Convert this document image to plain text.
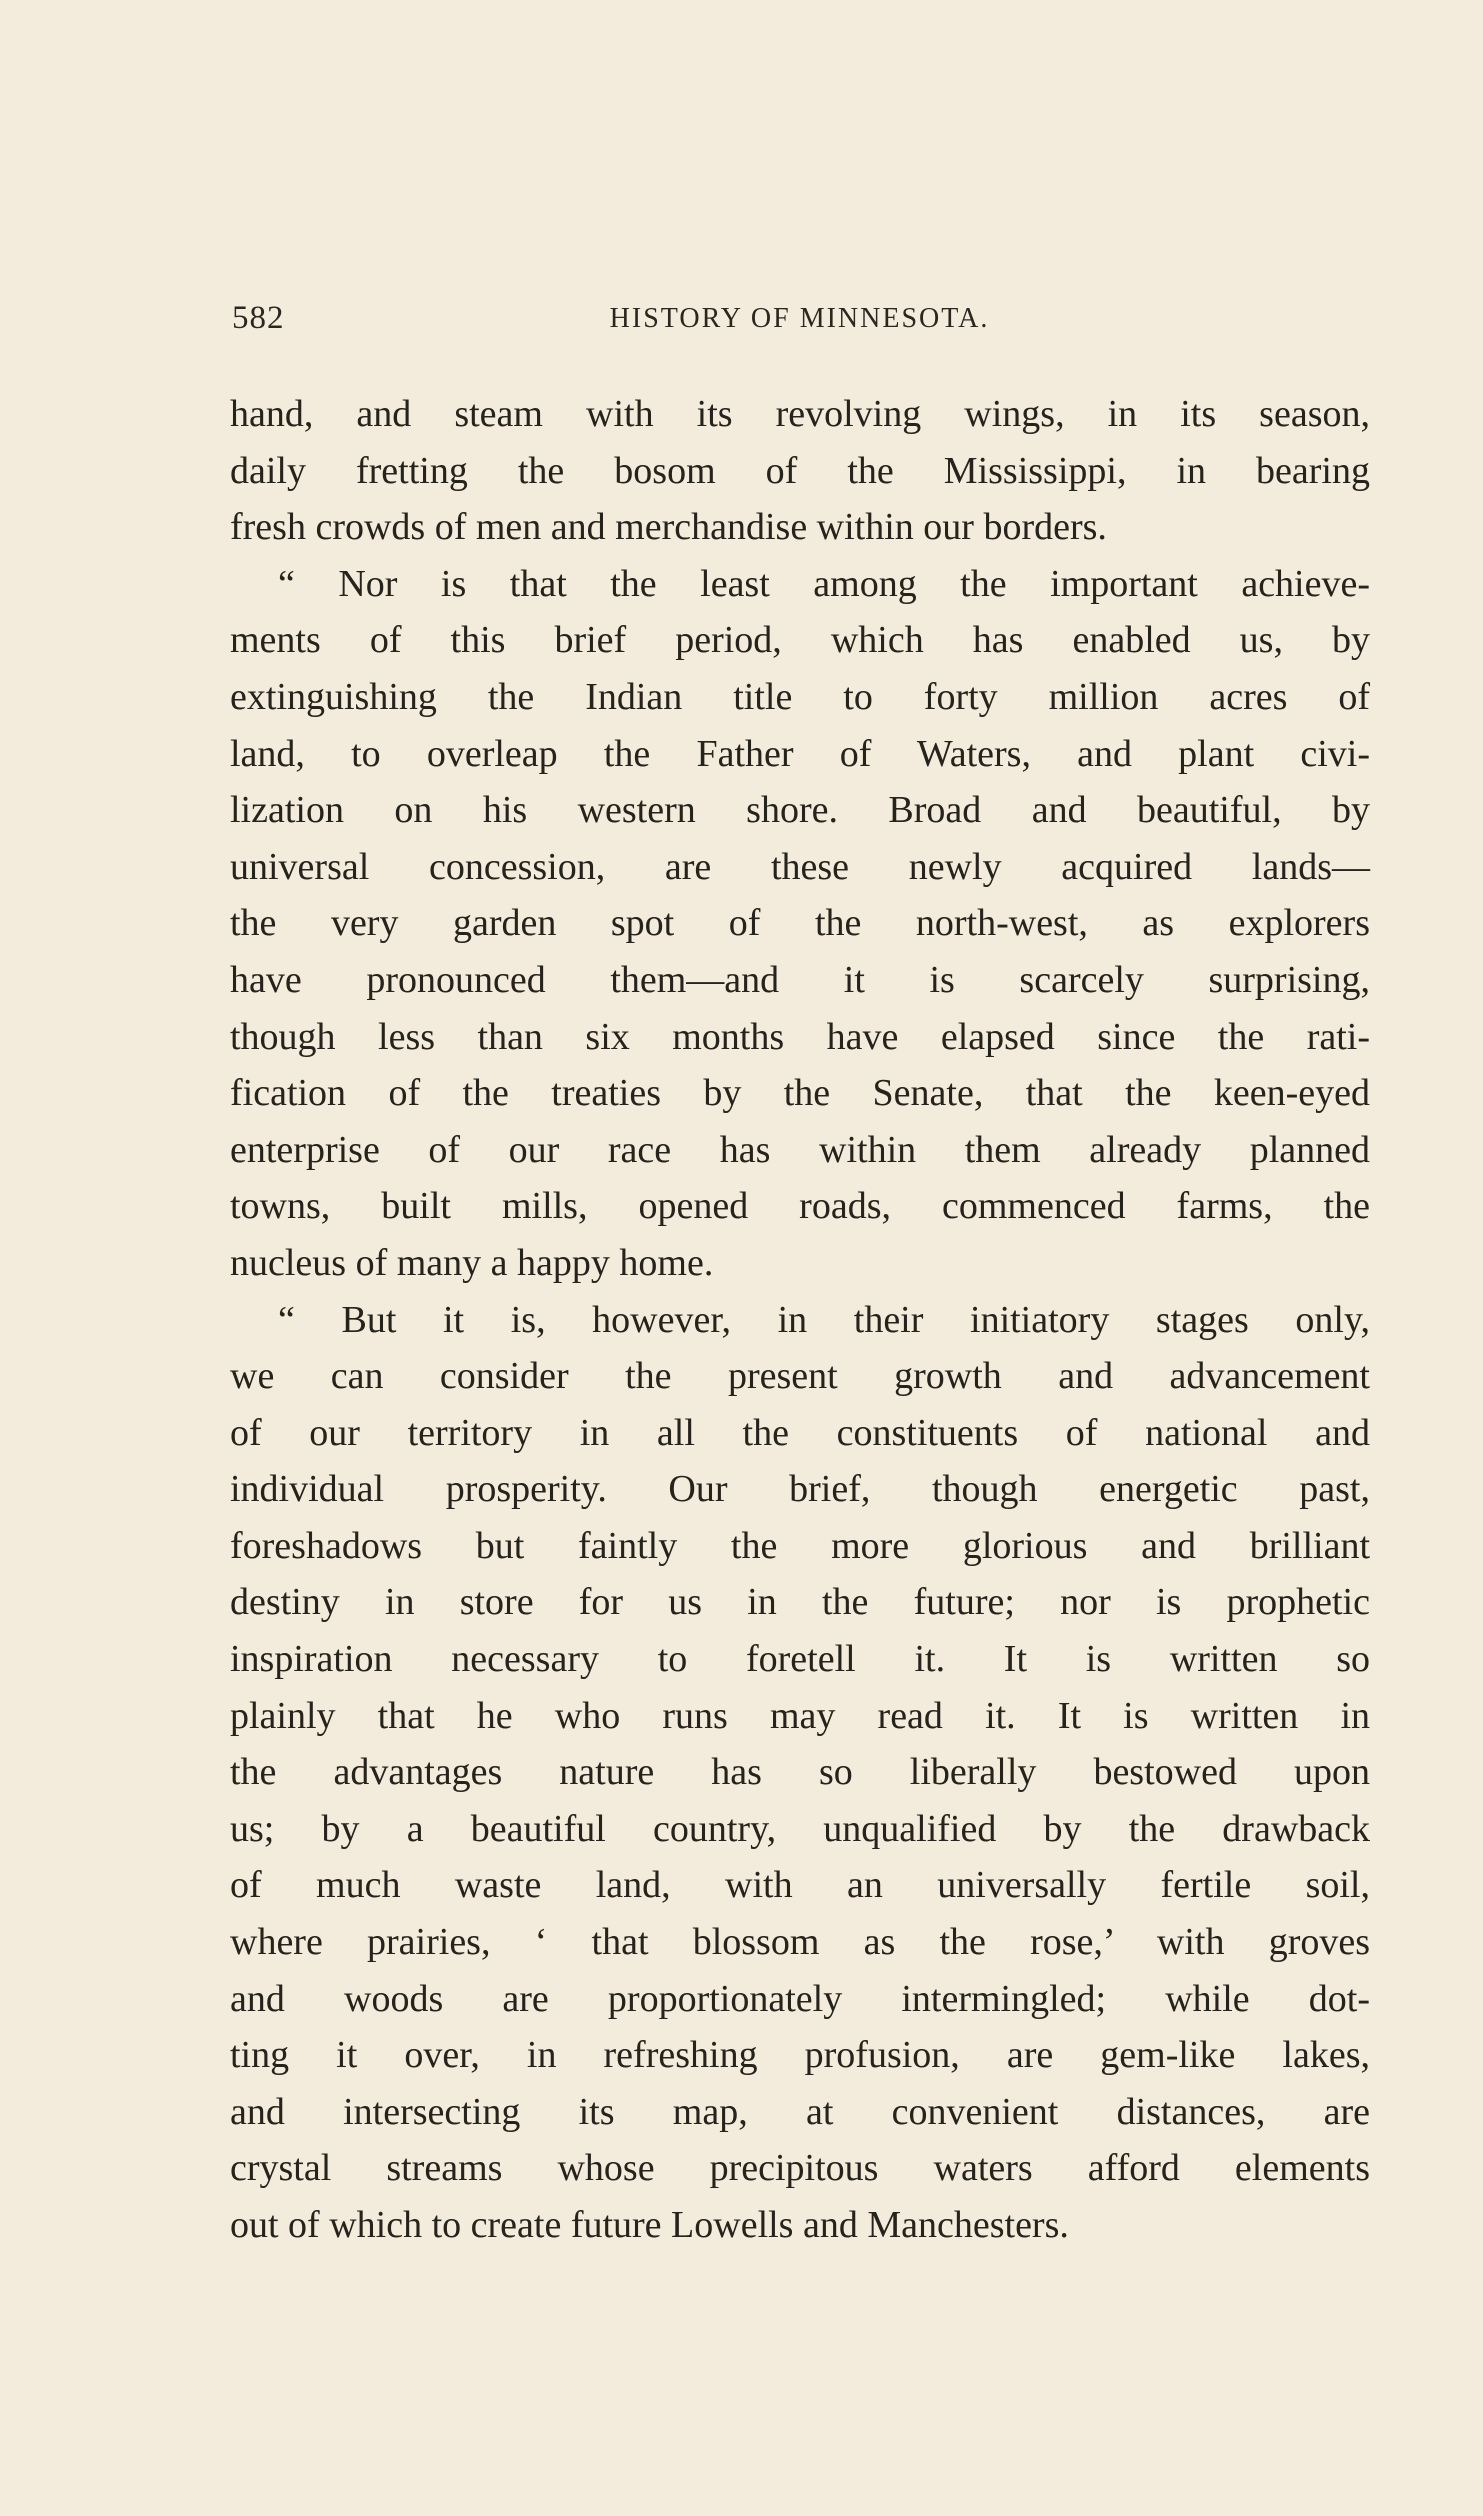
582	HISTORY OF MINNESOTA.
hand, and steam with its revolving wings, in its season,
daily fretting the bosom of the Mississippi, in bearing
fresh crowds of men and merchandise within our borders.
“ Nor is that the least among the important achieve-
ments of this brief period, which has enabled us, by
extinguishing the Indian title to forty million acres of
land, to overleap the Father of Waters, and plant civi-
lization on his western shore. Broad and beautiful, by
universal concession, are these newly acquired lands—
the very garden spot of the north-west, as explorers
have pronounced them—and it is scarcely surprising,
though less than six months have elapsed since the rati-
fication of the treaties by the Senate, that the keen-eyed
enterprise of our race has within them already planned
towns, built mills, opened roads, commenced farms, the
nucleus of many a happy home.
“ But it is, however, in their initiatory stages only,
we can consider the present growth and advancement
of our territory in all the constituents of national and
individual prosperity. Our brief, though energetic past,
foreshadows but faintly the more glorious and brilliant
destiny in store for us in the future; nor is prophetic
inspiration necessary to foretell it. It is written so
plainly that he who runs may read it. It is written in
the advantages nature has so liberally bestowed upon
us; by a beautiful country, unqualified by the drawback
of much waste land, with an universally fertile soil,
where prairies, ‘ that blossom as the rose,’ with groves
and woods are proportionately intermingled; while dot-
ting it over, in refreshing profusion, are gem-like lakes,
and intersecting its map, at convenient distances, are
crystal streams whose precipitous waters afford elements
out of which to create future Lowells and Manchesters.
